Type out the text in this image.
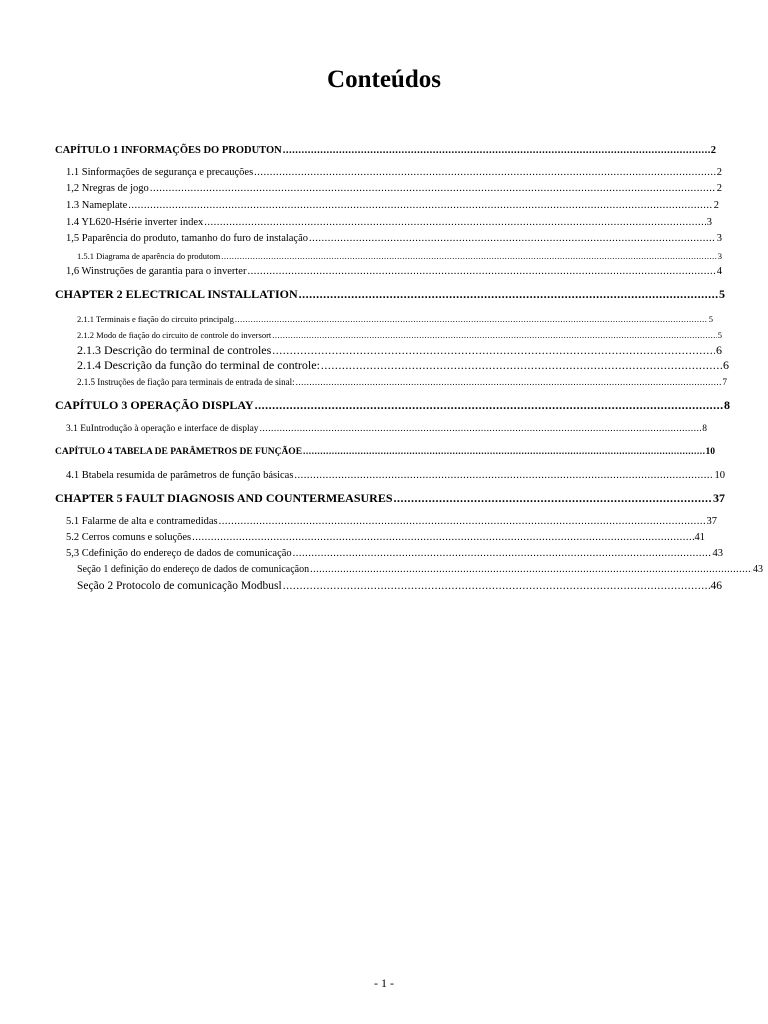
Conteúdos
CAPÍTULO 1 INFORMAÇÕES DO PRODUTON .....	2
1.1 Sinformações de segurança e precauções .....	2
1,2 Nregras de jogo .....	2
1.3 Nameplate .....	2
1.4 YL620-Hsérie inverter index .....	3
1,5 Paparência do produto, tamanho do furo de instalação .....	3
1.5.1 Diagrama de aparência do produtom .....	3
1,6 Winstruções de garantia para o inverter .....	4
CHAPTER 2 ELECTRICAL INSTALLATION .....	5
2.1.1 Terminais e fiação do circuito principalg .....	5
2.1.2 Modo de fiação do circuito de controle do inversort .....	5
2.1.3 Descrição do terminal de controles .....	6
2.1.4 Descrição da função do terminal de controle: .....	6
2.1.5 Instruções de fiação para terminais de entrada de sinal: .....	7
CAPÍTULO 3 OPERAÇÃO DISPLAY .....	8
3.1 EuIntrodução à operação e interface de display .....	8
CAPÍTULO 4 TABELA DE PARÂMETROS DE FUNÇÃOE .....	10
4.1 Btabela resumida de parâmetros de função básicas .....	10
CHAPTER 5 FAULT DIAGNOSIS AND COUNTERMEASURES .....	37
5.1 Falarme de alta e contramedidas .....	37
5.2 Cerros comuns e soluções .....	41
5,3 Cdefinição do endereço de dados de comunicação .....	43
Seção 1 definição do endereço de dados de comunicaçãon .....	43
Seção 2 Protocolo de comunicação Modbusl .....	46
- 1 -
